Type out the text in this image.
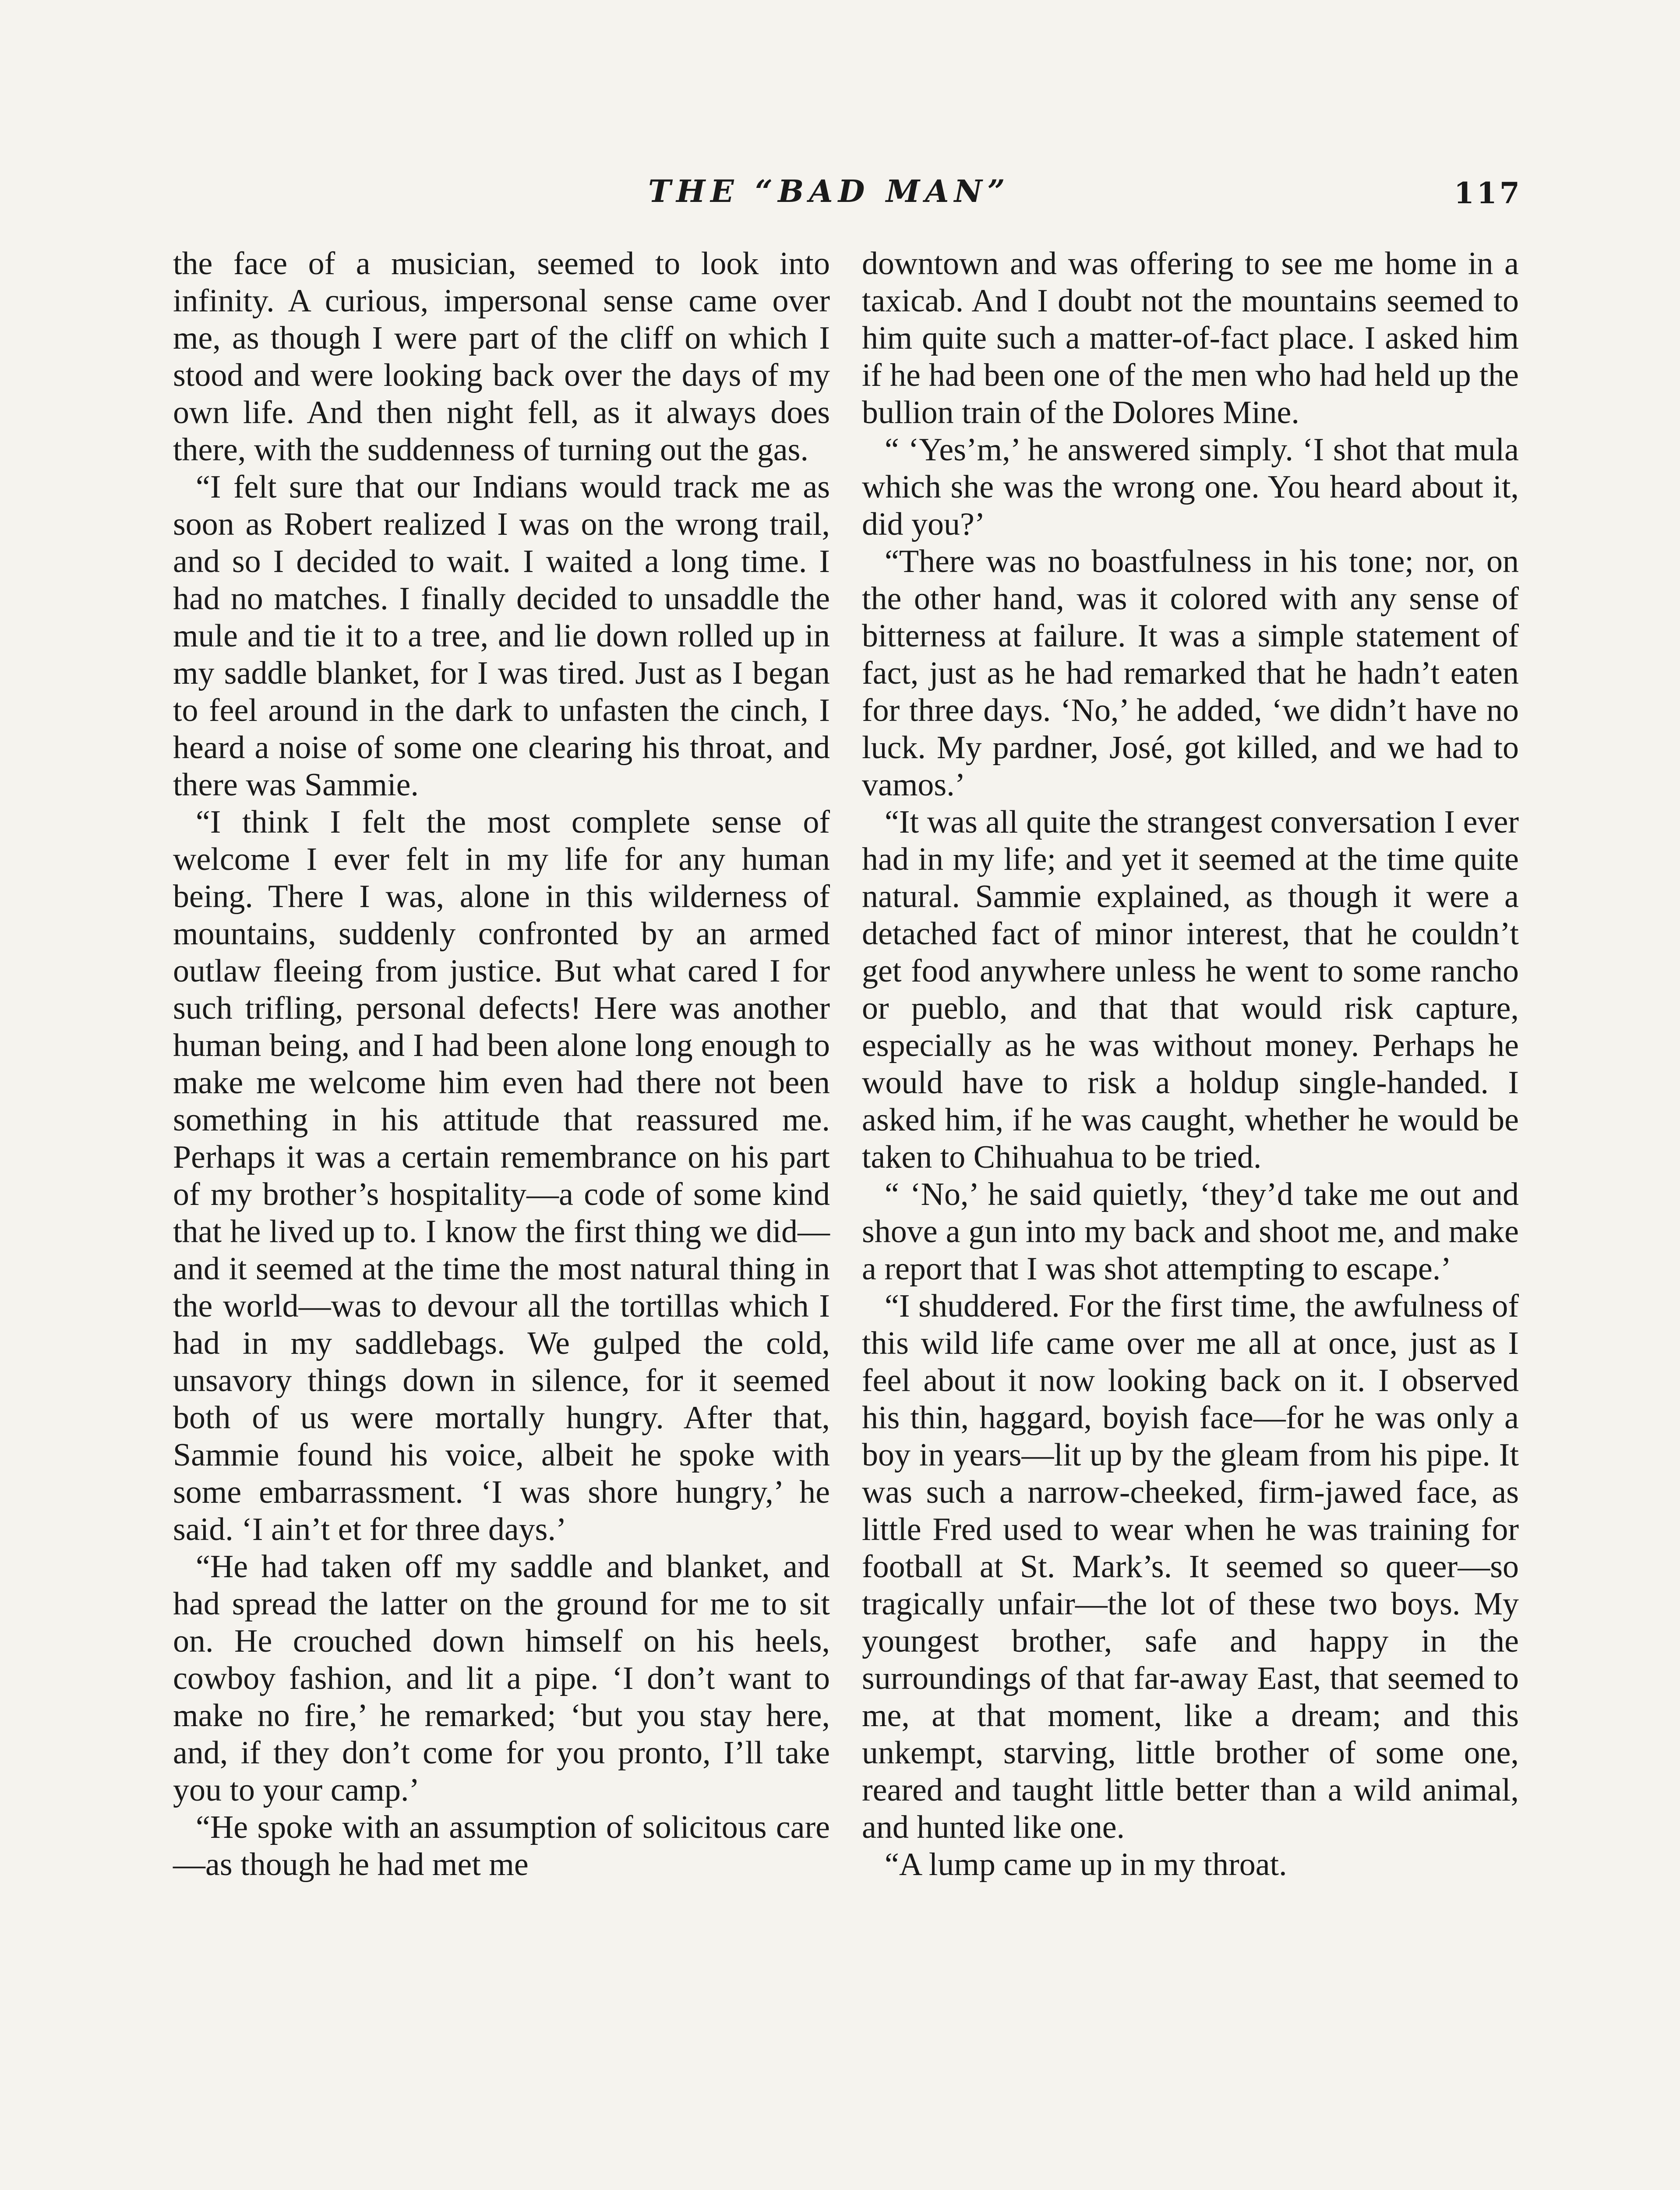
THE “BAD MAN”	117

the face of a musician, seemed to look into infinity. A curious, impersonal sense came over me, as though I were part of the cliff on which I stood and were looking back over the days of my own life. And then night fell, as it always does there, with the suddenness of turning out the gas.

“I felt sure that our Indians would track me as soon as Robert realized I was on the wrong trail, and so I decided to wait. I waited a long time. I had no matches. I finally decided to unsaddle the mule and tie it to a tree, and lie down rolled up in my saddle blanket, for I was tired. Just as I began to feel around in the dark to unfasten the cinch, I heard a noise of some one clearing his throat, and there was Sammie.

“I think I felt the most complete sense of welcome I ever felt in my life for any human being. There I was, alone in this wilderness of mountains, suddenly confronted by an armed outlaw fleeing from justice. But what cared I for such trifling, personal defects! Here was another human being, and I had been alone long enough to make me welcome him even had there not been something in his attitude that reassured me. Perhaps it was a certain remembrance on his part of my brother’s hospitality—a code of some kind that he lived up to. I know the first thing we did—and it seemed at the time the most natural thing in the world—was to devour all the tortillas which I had in my saddlebags. We gulped the cold, unsavory things down in silence, for it seemed both of us were mortally hungry. After that, Sammie found his voice, albeit he spoke with some embarrassment. ‘I was shore hungry,’ he said. ‘I ain’t et for three days.’

“He had taken off my saddle and blanket, and had spread the latter on the ground for me to sit on. He crouched down himself on his heels, cowboy fashion, and lit a pipe. ‘I don’t want to make no fire,’ he remarked; ‘but you stay here, and, if they don’t come for you pronto, I’ll take you to your camp.’

“He spoke with an assumption of solicitous care—as though he had met me

downtown and was offering to see me home in a taxicab. And I doubt not the mountains seemed to him quite such a matter-of-fact place. I asked him if he had been one of the men who had held up the bullion train of the Dolores Mine.

“ ‘Yes’m,’ he answered simply. ‘I shot that mula which she was the wrong one. You heard about it, did you?’

“There was no boastfulness in his tone; nor, on the other hand, was it colored with any sense of bitterness at failure. It was a simple statement of fact, just as he had remarked that he hadn’t eaten for three days. ‘No,’ he added, ‘we didn’t have no luck. My pardner, José, got killed, and we had to vamos.’

“It was all quite the strangest conversation I ever had in my life; and yet it seemed at the time quite natural. Sammie explained, as though it were a detached fact of minor interest, that he couldn’t get food anywhere unless he went to some rancho or pueblo, and that that would risk capture, especially as he was without money. Perhaps he would have to risk a holdup single-handed. I asked him, if he was caught, whether he would be taken to Chihuahua to be tried.

“ ‘No,’ he said quietly, ‘they’d take me out and shove a gun into my back and shoot me, and make a report that I was shot attempting to escape.’

“I shuddered. For the first time, the awfulness of this wild life came over me all at once, just as I feel about it now looking back on it. I observed his thin, haggard, boyish face—for he was only a boy in years—lit up by the gleam from his pipe. It was such a narrow-cheeked, firm-jawed face, as little Fred used to wear when he was training for football at St. Mark’s. It seemed so queer—so tragically unfair—the lot of these two boys. My youngest brother, safe and happy in the surroundings of that far-away East, that seemed to me, at that moment, like a dream; and this unkempt, starving, little brother of some one, reared and taught little better than a wild animal, and hunted like one.

“A lump came up in my throat.
